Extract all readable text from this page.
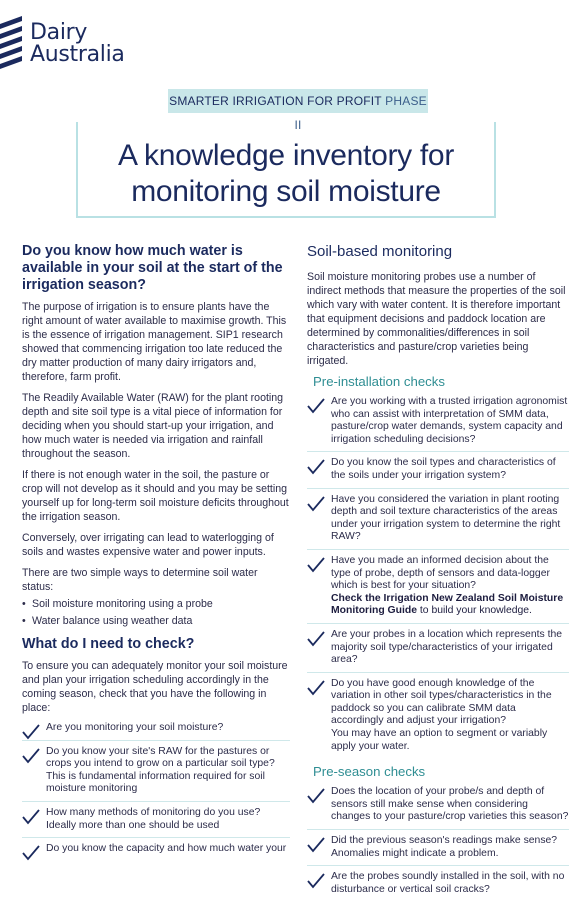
Dairy
Australia
SMARTER IRRIGATION FOR PROFIT PHASE II
A knowledge inventory for
monitoring soil moisture
Do you know how much water is available in your soil at the start of the irrigation season?

The purpose of irrigation is to ensure plants have the right amount of water available to maximise growth. This is the essence of irrigation management. SIP1 research showed that commencing irrigation too late reduced the dry matter production of many dairy irrigators and, therefore, farm profit.

The Readily Available Water (RAW) for the plant rooting depth and site soil type is a vital piece of information for deciding when you should start-up your irrigation, and how much water is needed via irrigation and rainfall throughout the season.

If there is not enough water in the soil, the pasture or crop will not develop as it should and you may be setting yourself up for long-term soil moisture deficits throughout the irrigation season.

Conversely, over irrigating can lead to waterlogging of soils and wastes expensive water and power inputs.

There are two simple ways to determine soil water status:

• Soil moisture monitoring using a probe
• Water balance using weather data
What do I need to check?

To ensure you can adequately monitor your soil moisture and plan your irrigation scheduling accordingly in the coming season, check that you have the following in place:

Are you monitoring your soil moisture?
Do you know your site's RAW for the pastures or crops you intend to grow on a particular soil type? This is fundamental information required for soil moisture monitoring
How many methods of monitoring do you use? Ideally more than one should be used
Do you know the capacity and how much water your
Soil-based monitoring

Soil moisture monitoring probes use a number of indirect methods that measure the properties of the soil which vary with water content. It is therefore important that equipment decisions and paddock location are determined by commonalities/differences in soil characteristics and pasture/crop varieties being irrigated.

Pre-installation checks
Are you working with a trusted irrigation agronomist who can assist with interpretation of SMM data, pasture/crop water demands, system capacity and irrigation scheduling decisions?
Do you know the soil types and characteristics of the soils under your irrigation system?
Have you considered the variation in plant rooting depth and soil texture characteristics of the areas under your irrigation system to determine the right RAW?
Have you made an informed decision about the type of probe, depth of sensors and data-logger which is best for your situation?
Check the Irrigation New Zealand Soil Moisture Monitoring Guide to build your knowledge.
Are your probes in a location which represents the majority soil type/characteristics of your irrigated area?
Do you have good enough knowledge of the variation in other soil types/characteristics in the paddock so you can calibrate SMM data accordingly and adjust your irrigation?
You may have an option to segment or variably apply your water.
Pre-season checks
Does the location of your probe/s and depth of sensors still make sense when considering changes to your pasture/crop varieties this season?
Did the previous season's readings make sense? Anomalies might indicate a problem.
Are the probes soundly installed in the soil, with no disturbance or vertical soil cracks?
